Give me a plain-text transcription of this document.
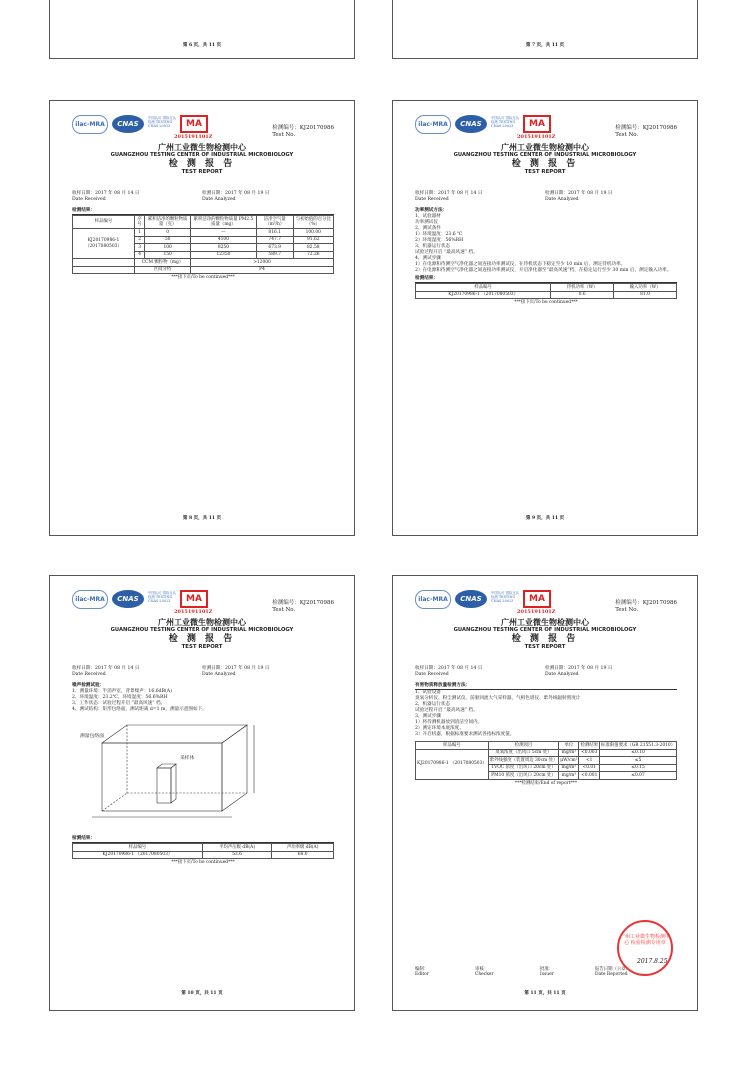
第 6 页，共 11 页	第 7 页，共 11 页
ilac-MRA	CNAS
中国认可 国际互认 检测 TESTING CNAS L0023	MA
2015191101Z
检测编号：KJ20170986
Test No.
广州工业微生物检测中心
GUANGZHOU TESTING CENTER OF INDUSTRIAL MICROBIOLOGY
检 测 报 告
TEST REPORT
收样日期：2017 年 08 月 14 日
Date Received
检测日期：2017 年 08 月 19 日
Date Analyzed
检测结果：
样品编号	序号	累积洁净的颗粒物质量（克）	累积洁净的颗粒物质量 PM2.5 质量（mg）	洁净空气量（m³/h）	与初始值的百分比（%）
KJ20170986-1 （2017080503）	1	0	—	816.1	100.00
	2	50	4100	747.7	91.62
	3	100	8250	673.9	82.58
	4	150	12350	589.7	72.26
	CCM 颗粒物（mg）		>12000		
	区间分档		P4		
***接下页/To be continued***
第 8 页，共 11 页
ilac-MRA	CNAS
中国认可 国际互认 检测 TESTING CNAS L0023	MA
2015191101Z
检测编号：KJ20170986
Test No.
广州工业微生物检测中心
GUANGZHOU TESTING CENTER OF INDUSTRIAL MICROBIOLOGY
检 测 报 告
TEST REPORT
收样日期：2017 年 08 月 14 日
Date Received
检测日期：2017 年 08 月 19 日
Date Analyzed
功率测试方法：
1、试验器材
功率测试仪
2、测试条件
1）环境温度：23.6 ℃
2）环境湿度：56%RH
3、机器运行状态
试验过程开启 “最高风速” 档。
4、测试步骤
1）在电源和待测空气净化器之间连接功率测试仪，在待机状态下稳定至少 10 min 后，测定待机功率。
2）在电源和待测空气净化器之间连接功率测试仪，开启净化器至“最高风速”档，在稳定运行至少 30 min 后，测定输入功率。
检测结果：
样品编号	待机功率（W）	输入功率（W）
KJ20170986-1 （2017080503）	0.6	81.0
***接下页/To be continued***
第 9 页，共 11 页
ilac-MRA	CNAS
中国认可 国际互认 检测 TESTING CNAS L0023	MA
2015191101Z
检测编号：KJ20170986
Test No.
广州工业微生物检测中心
GUANGZHOU TESTING CENTER OF INDUSTRIAL MICROBIOLOGY
检 测 报 告
TEST REPORT
收样日期：2017 年 08 月 14 日
Date Received
检测日期：2017 年 08 月 19 日
Date Analyzed
噪声检测试验：
1、测量环境：半消声室，背景噪声：16.6dB(A)
2、环境温度：23.2℃，环境湿度：56.6%RH
3、工作状态：试验过程开启 “最高风速” 档。
4、测试结构：矩形包络面，测试距离 d=1 m，测量示意图如下。
测量包络面
采样体
检测结果：
样品编号	平均声压级 dB(A)	声功率级 dB(A)
KJ20170986-1 （2017080503）	53.6	68.0
***接下页/To be continued***
第 10 页，共 11 页
ilac-MRA	CNAS
中国认可 国际互认 检测 TESTING CNAS L0023	MA
2015191101Z
检测编号：KJ20170986
Test No.
广州工业微生物检测中心
GUANGZHOU TESTING CENTER OF INDUSTRIAL MICROBIOLOGY
检 测 报 告
TEST REPORT
收样日期：2017 年 08 月 14 日
Date Received
检测日期：2017 年 08 月 19 日
Date Analyzed
有害物质释放量检测方法：
1、试验设备
臭氧分析仪、粉尘测试仪、前驱回流大气采样器、气相色谱仪、紫外线辐射照度计
2、机器运行状态
试验过程开启 “最高风速” 档。
3、测试步骤
1）将待测机器放到清洁空间内。
2）测定环境本底浓度。
3）开启机器，根据标准要求测试各指标浓度值。
样品编号	检测项目	单位	检测结果	标准限值要求（GB 21551.3-2010）
KJ20170986-1 （2017080503）	臭氧浓度（出风口 5cm 处）	mg/m³	<0.003	≤0.10
	紫外线强度（装置周边 30cm 处）	μW/cm²	<1	≤5
	TVOC 浓度（出风口 20cm 处）	mg/m³	<0.01	≤0.15
	PM10 浓度（出风口 20cm 处）	mg/m³	<0.001	≤0.07
***检测结束/End of report***
编制：
Editor
审核：
Checker
批准：
Issuer
报告日期（公章）：
Date Reported
2017.8.25
广州工业微生物检测中心 检验检测专用章
第 11 页，共 11 页
